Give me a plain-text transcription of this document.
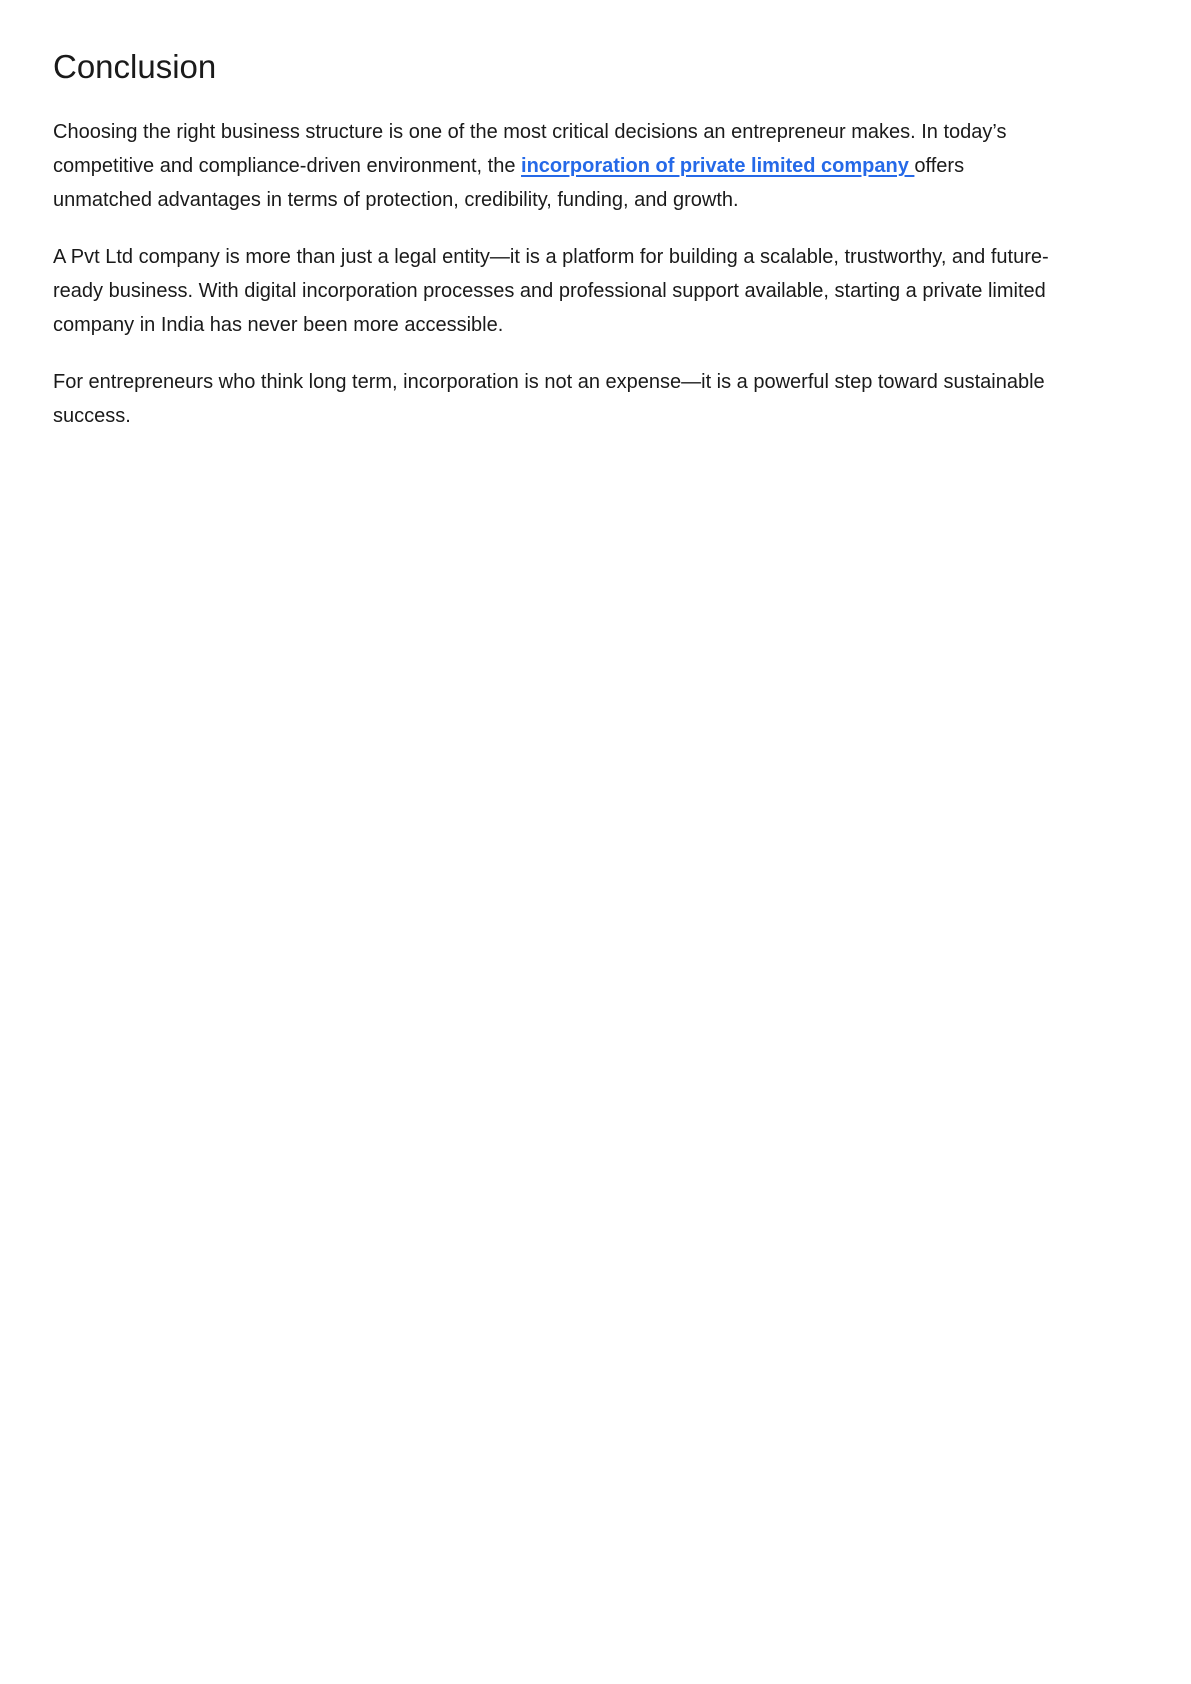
Conclusion

Choosing the right business structure is one of the most critical decisions an entrepreneur makes. In today’s competitive and compliance-driven environment, the incorporation of private limited company offers unmatched advantages in terms of protection, credibility, funding, and growth.

A Pvt Ltd company is more than just a legal entity—it is a platform for building a scalable, trustworthy, and future-ready business. With digital incorporation processes and professional support available, starting a private limited company in India has never been more accessible.

For entrepreneurs who think long term, incorporation is not an expense—it is a powerful step toward sustainable success.
